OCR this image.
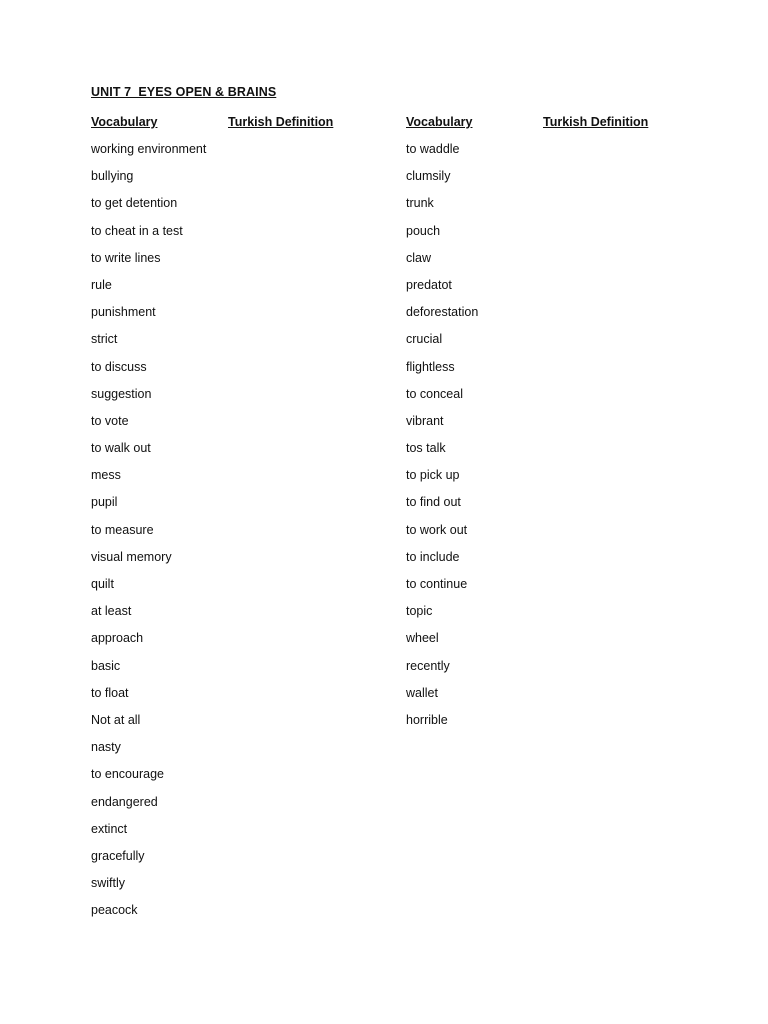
UNIT 7  EYES OPEN & BRAINS
Vocabulary
working environment
bullying
to get detention
to cheat in a test
to write lines
rule
punishment
strict
to discuss
suggestion
to vote
to walk out
mess
pupil
to measure
visual memory
quilt
at least
approach
basic
to float
Not at all
nasty
to encourage
endangered
extinct
gracefully
swiftly
peacock
Turkish Definition	Vocabulary
to waddle
clumsily
trunk
pouch
claw
predatot
deforestation
crucial
flightless
to conceal
vibrant
tos talk
to pick up
to find out
to work out
to include
to continue
topic
wheel
recently
wallet
horrible
Turkish Definition
